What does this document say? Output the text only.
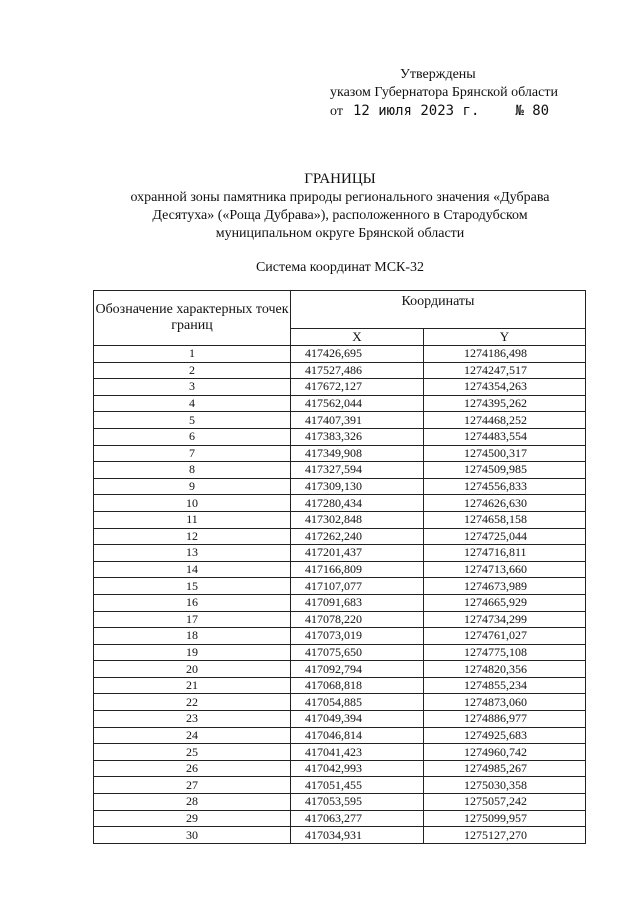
Утверждены
указом Губернатора Брянской области
от 12 июля 2023 г.	№ 80
ГРАНИЦЫ
охранной зоны памятника природы регионального значения «Дубрава
Десятуха» («Роща Дубрава»), расположенного в Стародубском
муниципальном округе Брянской области
Система координат МСК-32
Обозначение характерных точек границ	Координаты	
	X	Y
1	417426,695	1274186,498
2	417527,486	1274247,517
3	417672,127	1274354,263
4	417562,044	1274395,262
5	417407,391	1274468,252
6	417383,326	1274483,554
7	417349,908	1274500,317
8	417327,594	1274509,985
9	417309,130	1274556,833
10	417280,434	1274626,630
11	417302,848	1274658,158
12	417262,240	1274725,044
13	417201,437	1274716,811
14	417166,809	1274713,660
15	417107,077	1274673,989
16	417091,683	1274665,929
17	417078,220	1274734,299
18	417073,019	1274761,027
19	417075,650	1274775,108
20	417092,794	1274820,356
21	417068,818	1274855,234
22	417054,885	1274873,060
23	417049,394	1274886,977
24	417046,814	1274925,683
25	417041,423	1274960,742
26	417042,993	1274985,267
27	417051,455	1275030,358
28	417053,595	1275057,242
29	417063,277	1275099,957
30	417034,931	1275127,270
